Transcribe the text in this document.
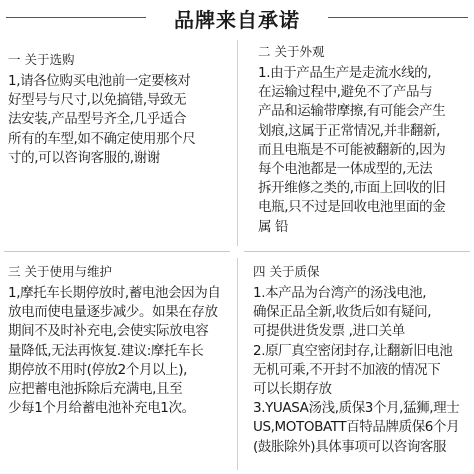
品牌来自承诺
一 关于选购
1,请各位购买电池前一定要核对
好型号与尺寸,以免搞错,导致无
法安装,产品型号齐全,几乎适合
所有的车型,如不确定使用那个尺
寸的,可以咨询客服的,谢谢
二 关于外观
1.由于产品生产是走流水线的,
在运输过程中,避免不了产品与
产品和运输带摩擦,有可能会产生
划痕,这属于正常情况,并非翻新,
而且电瓶是不可能被翻新的,因为
每个电池都是一体成型的,无法
拆开维修之类的,市面上回收的旧
电瓶,只不过是回收电池里面的金
属 铅
三 关于使用与维护
1,摩托车长期停放时,蓄电池会因为自
放电而使电量逐步减少。如果在存放
期间不及时补充电,会使实际放电容
量降低,无法再恢复.建议:摩托车长
期停放不用时(停放2个月以上),
应把蓄电池拆除后充满电,且至
少每1个月给蓄电池补充电1次。
四 关于质保
1.本产品为台湾产的汤浅电池,
确保正品全新,收货后如有疑问,
可提供进货发票 ,进口关单
2.原厂真空密闭封存,让翻新旧电池
无机可乘,不开封不加液的情况下
可以长期存放
3.YUASA汤浅,质保3个月,猛狮,理士
US,MOTOBATT百特品牌质保6个月
(鼓胀除外)具体事项可以咨询客服
